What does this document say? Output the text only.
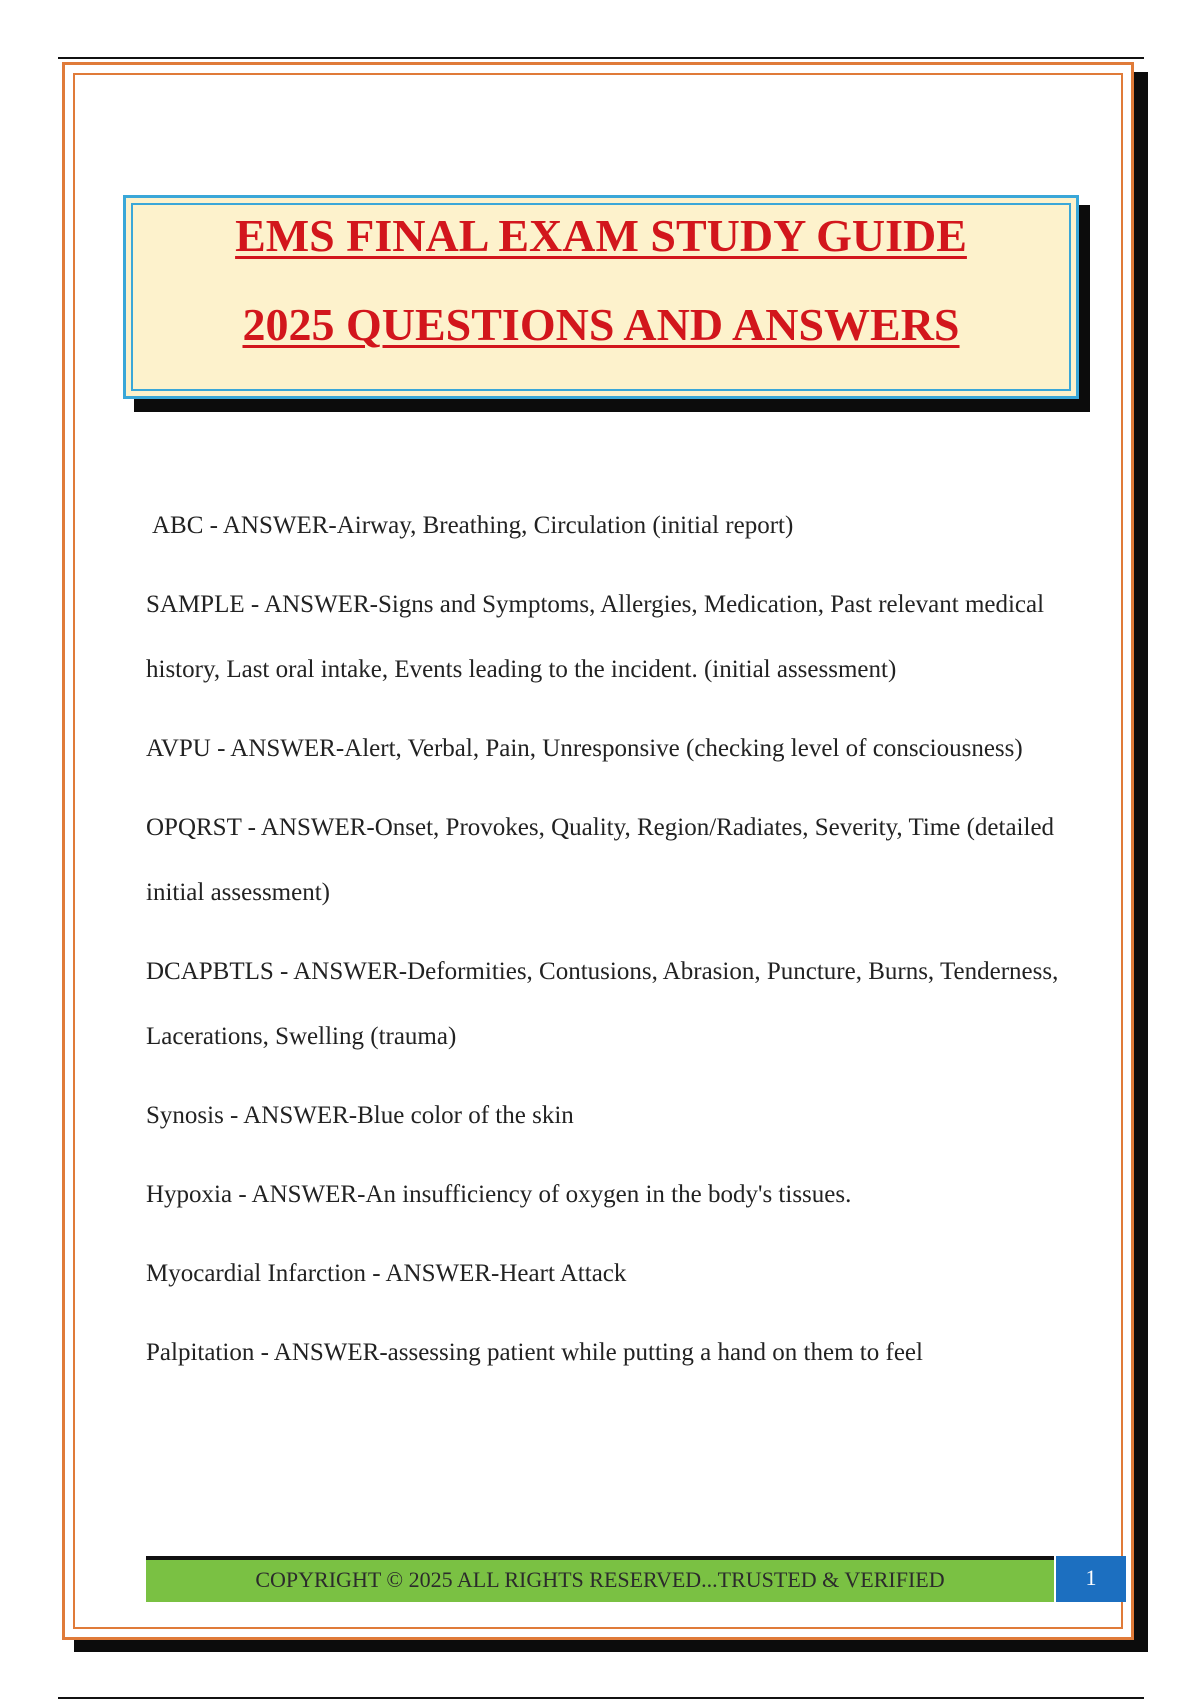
EMS FINAL EXAM STUDY GUIDE
2025 QUESTIONS AND ANSWERS

ABC - ANSWER-Airway, Breathing, Circulation (initial report)

SAMPLE - ANSWER-Signs and Symptoms, Allergies, Medication, Past relevant medical history, Last oral intake, Events leading to the incident. (initial assessment)

AVPU - ANSWER-Alert, Verbal, Pain, Unresponsive (checking level of consciousness)

OPQRST - ANSWER-Onset, Provokes, Quality, Region/Radiates, Severity, Time (detailed initial assessment)

DCAPBTLS - ANSWER-Deformities, Contusions, Abrasion, Puncture, Burns, Tenderness, Lacerations, Swelling (trauma)

Synosis - ANSWER-Blue color of the skin

Hypoxia - ANSWER-An insufficiency of oxygen in the body's tissues.

Myocardial Infarction - ANSWER-Heart Attack

Palpitation - ANSWER-assessing patient while putting a hand on them to feel

COPYRIGHT © 2025 ALL RIGHTS RESERVED...TRUSTED & VERIFIED	1
